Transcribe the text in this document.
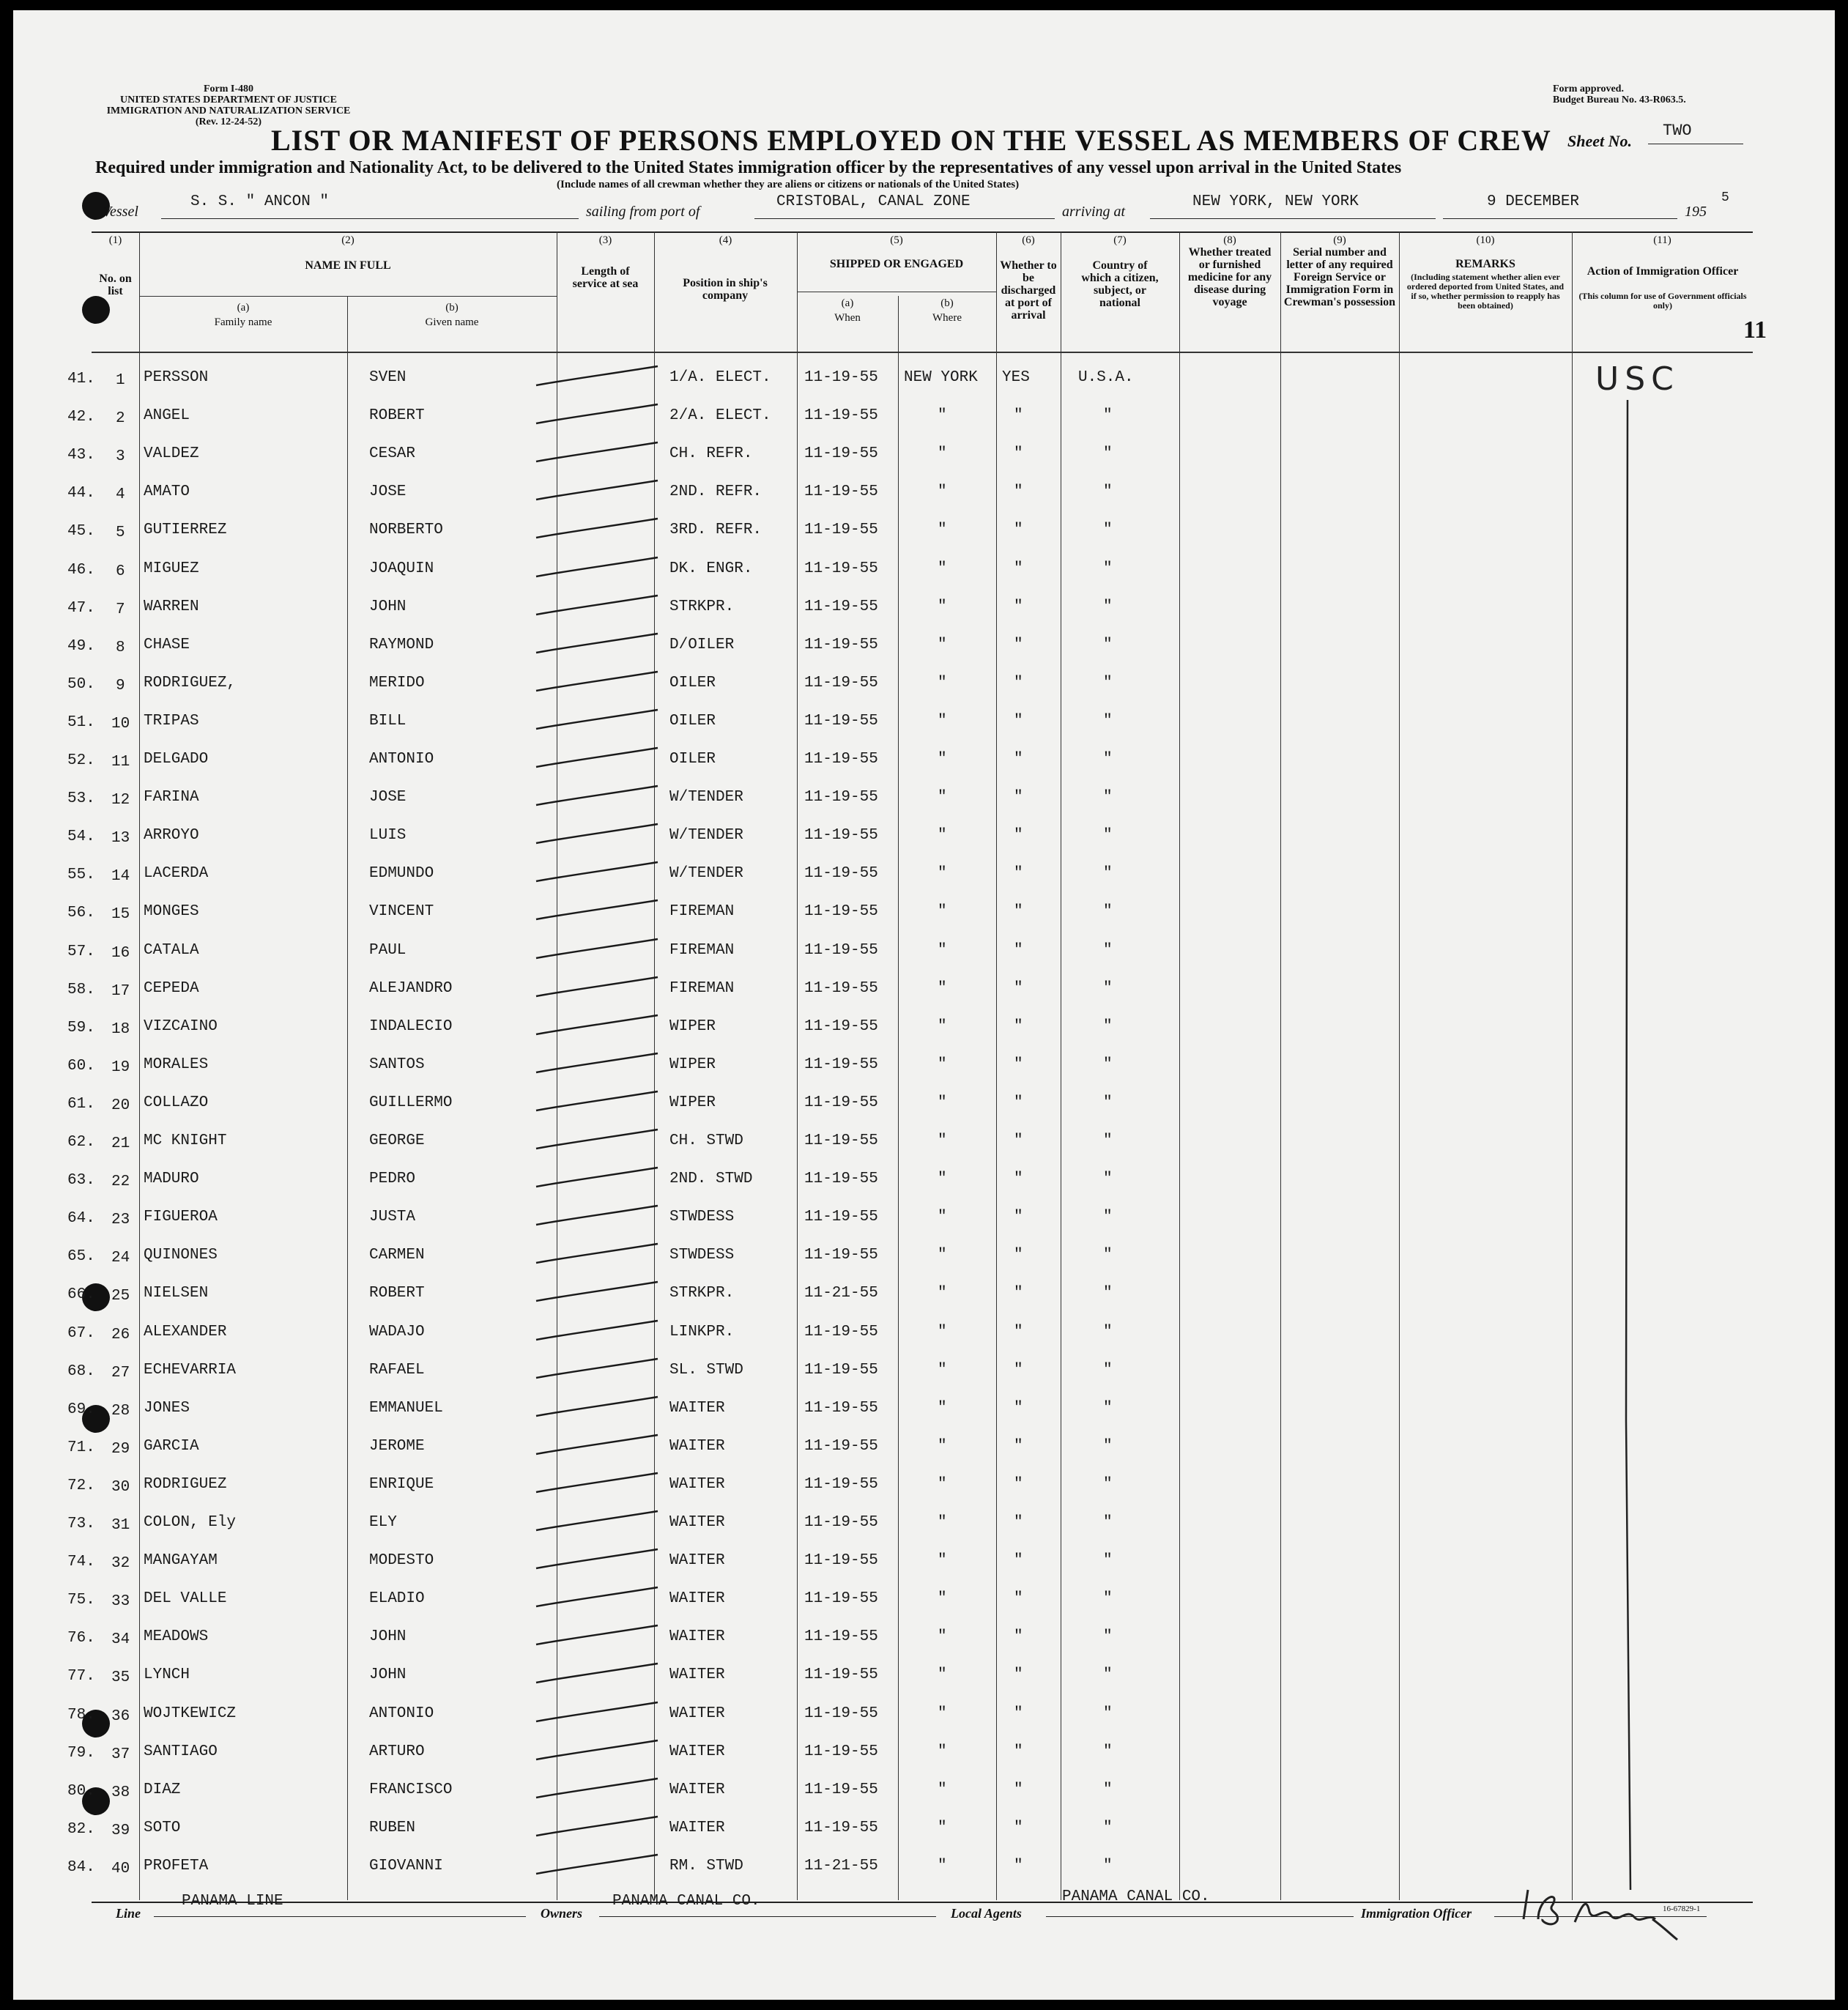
Form I-480
UNITED STATES DEPARTMENT OF JUSTICE
IMMIGRATION AND NATURALIZATION SERVICE
(Rev. 12-24-52)
Form approved.
Budget Bureau No. 43-R063.5.
LIST OR MANIFEST OF PERSONS EMPLOYED ON THE VESSEL AS MEMBERS OF CREW Sheet No.
TWO
Required under immigration and Nationality Act, to be delivered to the United States immigration officer by the representatives of any vessel upon arrival in the United States
(Include names of all crewman whether they are aliens or citizens or nationals of the United States)
Vessel
S. S. " ANCON "
sailing from port of
CRISTOBAL, CANAL ZONE
arriving at
NEW YORK, NEW YORK	9 DECEMBER
195
5
(1)
No. on list
(2)
NAME IN FULL
(a)
Family name
(b)
Given name
(3)
Length of service at sea
(4)
Position in ship's company
(5)
SHIPPED OR ENGAGED
(a)
When
(b)
Where
(6)
Whether to be discharged at port of arrival
(7)
Country of which a citizen, subject, or national
(8)
Whether treated or furnished medicine for any disease during voyage
(9)
Serial number and letter of any required Foreign Service or Immigration Form in Crewman's possession
(10)
REMARKS
(Including statement whether alien ever ordered deported from United States, and if so, whether permission to reapply has been obtained)
(11)
Action of Immigration Officer
(This column for use of Government officials only)
11
USC
41. 1 PERSSON	SVEN	1/A. ELECT. 11-19-55 NEW YORK YES	U.S.A.
42. 2 ANGEL	ROBERT	2/A. ELECT. 11-19-55	"	"	"
43. 3 VALDEZ	CESAR	CH. REFR.	11-19-55	"	"	"
44. 4 AMATO	JOSE	2ND. REFR.	11-19-55	"	"	"
45. 5 GUTIERREZ	NORBERTO	3RD. REFR.	11-19-55	"	"	"
46. 6 MIGUEZ	JOAQUIN	DK. ENGR.	11-19-55	"	"	"
47. 7 WARREN	JOHN	STRKPR.	11-19-55	"	"	"
49. 8 CHASE	RAYMOND	D/OILER	11-19-55	"	"	"
50. 9 RODRIGUEZ,	MERIDO	OILER	11-19-55	"	"	"
51. 10 TRIPAS	BILL	OILER	11-19-55	"	"	"
52. 11 DELGADO	ANTONIO	OILER	11-19-55	"	"	"
53. 12 FARINA	JOSE	W/TENDER	11-19-55	"	"	"
54. 13 ARROYO	LUIS	W/TENDER	11-19-55	"	"	"
55. 14 LACERDA	EDMUNDO	W/TENDER	11-19-55	"	"	"
56. 15 MONGES	VINCENT	FIREMAN	11-19-55	"	"	"
57. 16 CATALA	PAUL	FIREMAN	11-19-55	"	"	"
58. 17 CEPEDA	ALEJANDRO	FIREMAN	11-19-55	"	"	"
59. 18 VIZCAINO	INDALECIO	WIPER	11-19-55	"	"	"
60. 19 MORALES	SANTOS	WIPER	11-19-55	"	"	"
61. 20 COLLAZO	GUILLERMO	WIPER	11-19-55	"	"	"
62. 21 MC KNIGHT	GEORGE	CH. STWD	11-19-55	"	"	"
63. 22 MADURO	PEDRO	2ND. STWD	11-19-55	"	"	"
64. 23 FIGUEROA	JUSTA	STWDESS	11-19-55	"	"	"
65. 24 QUINONES	CARMEN	STWDESS	11-19-55	"	"	"
66. 25 NIELSEN	ROBERT	STRKPR.	11-21-55	"	"	"
67. 26 ALEXANDER	WADAJO	LINKPR.	11-19-55	"	"	"
68. 27 ECHEVARRIA	RAFAEL	SL. STWD	11-19-55	"	"	"
69. 28 JONES	EMMANUEL	WAITER	11-19-55	"	"	"
71. 29 GARCIA	JEROME	WAITER	11-19-55	"	"	"
72. 30 RODRIGUEZ	ENRIQUE	WAITER	11-19-55	"	"	"
73. 31 COLON, Ely	ELY	WAITER	11-19-55	"	"	"
74. 32 MANGAYAM	MODESTO	WAITER	11-19-55	"	"	"
75. 33 DEL VALLE	ELADIO	WAITER	11-19-55	"	"	"
76. 34 MEADOWS	JOHN	WAITER	11-19-55	"	"	"
77. 35 LYNCH	JOHN	WAITER	11-19-55	"	"	"
78. 36 WOJTKEWICZ	ANTONIO	WAITER	11-19-55	"	"	"
79. 37 SANTIAGO	ARTURO	WAITER	11-19-55	"	"	"
80. 38 DIAZ	FRANCISCO	WAITER	11-19-55	"	"	"
82. 39 SOTO	RUBEN	WAITER	11-19-55	"	"	"
84. 40 PROFETA	GIOVANNI	RM. STWD	11-21-55	"	"	"
Line
PANAMA LINE
Owners
PANAMA CANAL CO.
Local Agents
PANAMA CANAL CO.
Immigration Officer	16-67829-1
